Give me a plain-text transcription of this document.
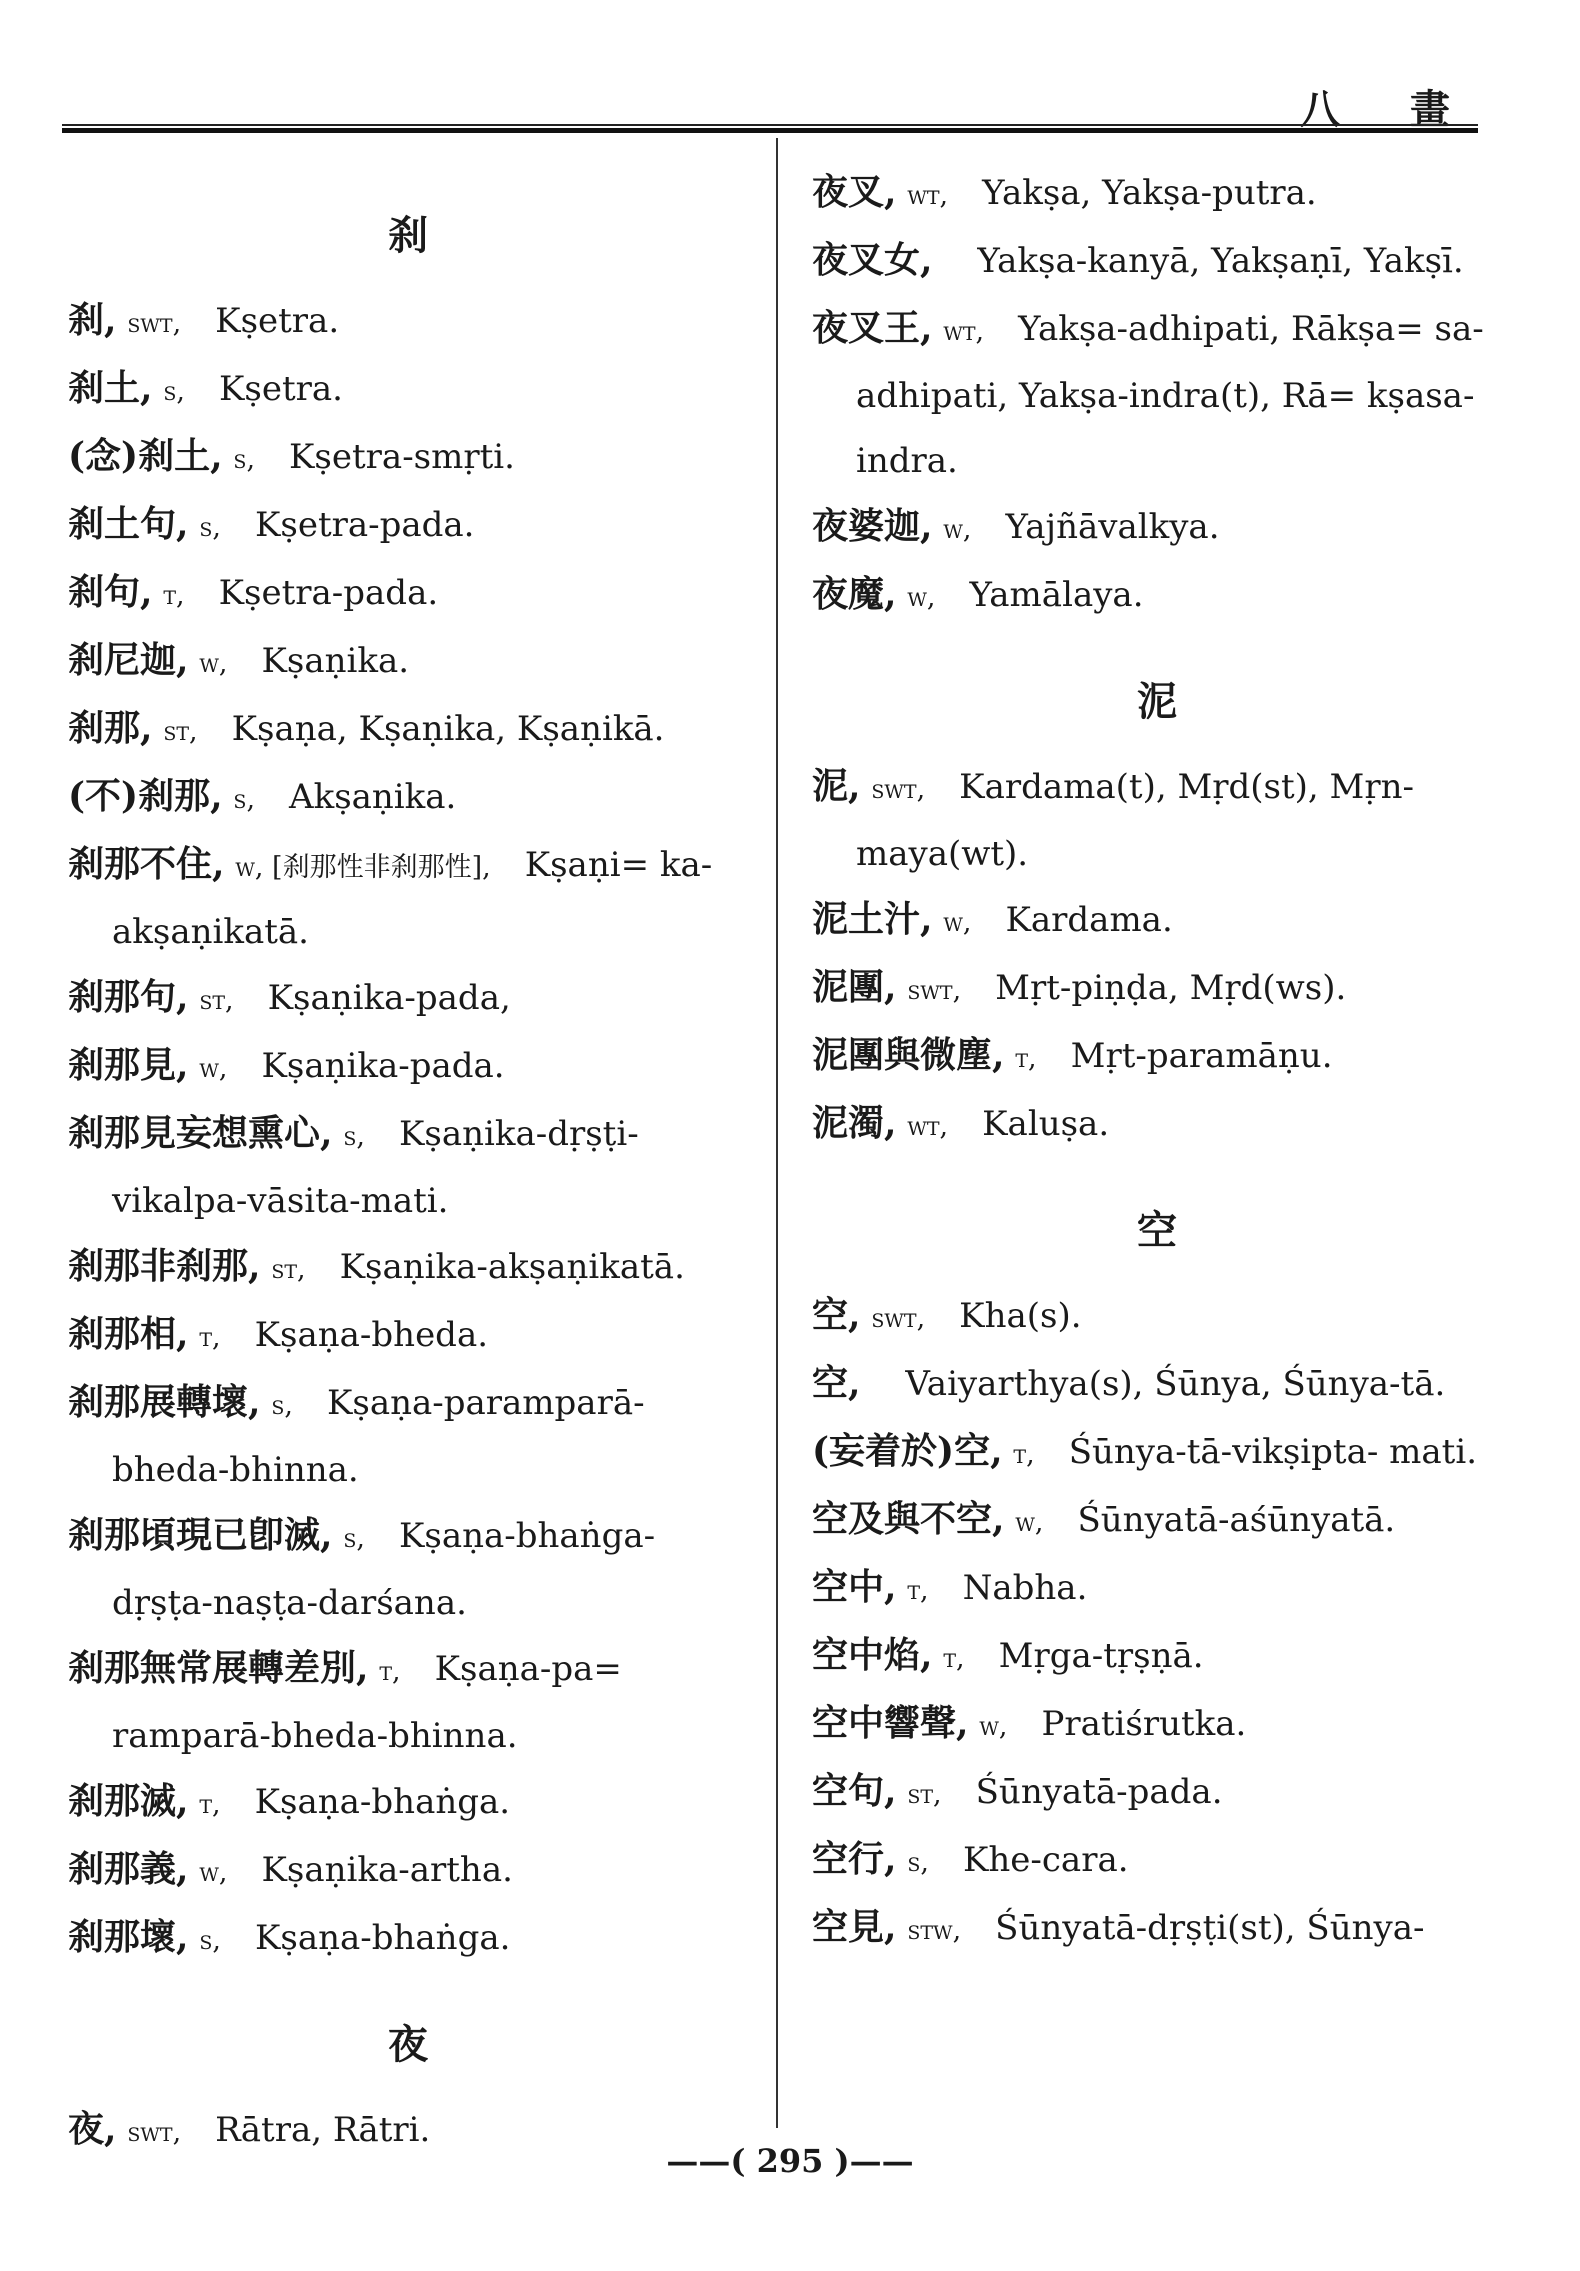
八 畫
刹
刹, swt,  Kṣetra.
刹土, s,  Kṣetra.
(念)刹土, s,  Kṣetra-smṛti.
刹土句, s,  Kṣetra-pada.
刹句, t,  Kṣetra-pada.
刹尼迦, w,  Kṣaṇika.
刹那, st,  Kṣaṇa, Kṣaṇika, Kṣaṇikā.
(不)刹那, s,  Akṣaṇika.
刹那不住, w, [刹那性非刹那性],  Kṣaṇi= ka-akṣaṇikatā.
刹那句, st,  Kṣaṇika-pada,
刹那見, w,  Kṣaṇika-pada.
刹那見妄想熏心, s,  Kṣaṇika-dṛṣṭi- vikalpa-vāsita-mati.
刹那非刹那, st,  Kṣaṇika-akṣaṇikatā.
刹那相, t,  Kṣaṇa-bheda.
刹那展轉壞, s,  Kṣaṇa-paramparā- bheda-bhinna.
刹那頃現已卽滅, s,  Kṣaṇa-bhaṅga- dṛṣṭa-naṣṭa-darśana.
刹那無常展轉差別, t,  Kṣaṇa-pa= ramparā-bheda-bhinna.
刹那滅, t,  Kṣaṇa-bhaṅga.
刹那義, w,  Kṣaṇika-artha.
刹那壞, s,  Kṣaṇa-bhaṅga.
夜
夜, swt,  Rātra, Rātri.
夜叉, wt,  Yakṣa, Yakṣa-putra.
夜叉女,   Yakṣa-kanyā, Yakṣaṇī, Yakṣī.
夜叉王, wt,  Yakṣa-adhipati, Rākṣa= sa-adhipati, Yakṣa-indra(t), Rā= kṣasa-indra.
夜婆迦, w,  Yajñāvalkya.
夜魔, w,  Yamālaya.
泥
泥, swt,  Kardama(t), Mṛd(st), Mṛn- maya(wt).
泥土汁, w,  Kardama.
泥團, swt,  Mṛt-piṇḍa, Mṛd(ws).
泥團與微塵, t,  Mṛt-paramāṇu.
泥濁, wt,  Kaluṣa.
空
空, swt,  Kha(s).
空,   Vaiyarthya(s), Śūnya, Śūnya-tā.
(妄着於)空, t,  Śūnya-tā-vikṣipta- mati.
空及與不空, w,  Śūnyatā-aśūnyatā.
空中, t,  Nabha.
空中焰, t,  Mṛga-tṛṣṇā.
空中響聲, w,  Pratiśrutka.
空句, st,  Śūnyatā-pada.
空行, s,  Khe-cara.
空見, stw,  Śūnyatā-dṛṣṭi(st), Śūnya-
——( 295 )——
